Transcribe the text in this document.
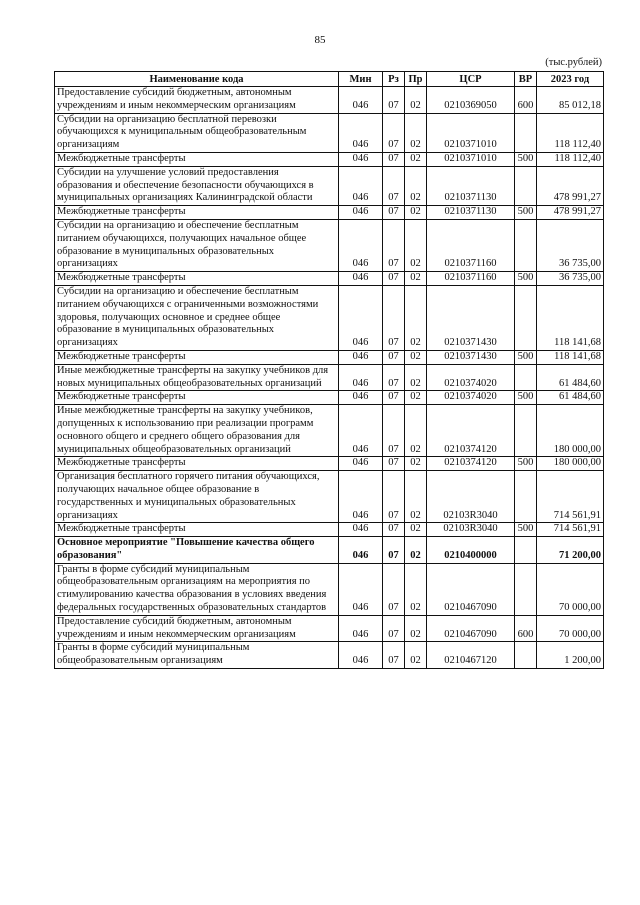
85
(тыс.рублей)
Наименование кода	Мин	Рз	Пр	ЦСР	ВР	2023 год
Предоставление субсидий бюджетным, автономным учреждениям и иным некоммерческим организациям	046	07	02	0210369050	600	85 012,18
Субсидии на организацию бесплатной перевозки обучающихся к муниципальным общеобразовательным организациям	046	07	02	0210371010		118 112,40
Межбюджетные трансферты	046	07	02	0210371010	500	118 112,40
Субсидии на улучшение условий предоставления образования и обеспечение безопасности обучающихся в муниципальных организациях Калининградской области	046	07	02	0210371130		478 991,27
Межбюджетные трансферты	046	07	02	0210371130	500	478 991,27
Субсидии на организацию и обеспечение бесплатным питанием обучающихся, получающих начальное общее образование в муниципальных образовательных организациях	046	07	02	0210371160		36 735,00
Межбюджетные трансферты	046	07	02	0210371160	500	36 735,00
Субсидии на организацию и обеспечение бесплатным питанием обучающихся с ограниченными возможностями здоровья, получающих основное и среднее общее образование в муниципальных образовательных организациях	046	07	02	0210371430		118 141,68
Межбюджетные трансферты	046	07	02	0210371430	500	118 141,68
Иные межбюджетные трансферты на закупку учебников для новых муниципальных общеобразовательных организаций	046	07	02	0210374020		61 484,60
Межбюджетные трансферты	046	07	02	0210374020	500	61 484,60
Иные межбюджетные трансферты на закупку учебников, допущенных к использованию при реализации программ основного общего и среднего общего образования для муниципальных общеобразовательных организаций	046	07	02	0210374120		180 000,00
Межбюджетные трансферты	046	07	02	0210374120	500	180 000,00
Организация бесплатного горячего питания обучающихся, получающих начальное общее образование в государственных и муниципальных образовательных организациях	046	07	02	02103R3040		714 561,91
Межбюджетные трансферты	046	07	02	02103R3040	500	714 561,91
Основное мероприятие "Повышение качества общего образования"	046	07	02	0210400000		71 200,00
Гранты в форме субсидий муниципальным общеобразовательным организациям на мероприятия по стимулированию качества образования в условиях введения федеральных государственных образовательных стандартов	046	07	02	0210467090		70 000,00
Предоставление субсидий бюджетным, автономным учреждениям и иным некоммерческим организациям	046	07	02	0210467090	600	70 000,00
Гранты в форме субсидий муниципальным общеобразовательным организациям	046	07	02	0210467120		1 200,00
